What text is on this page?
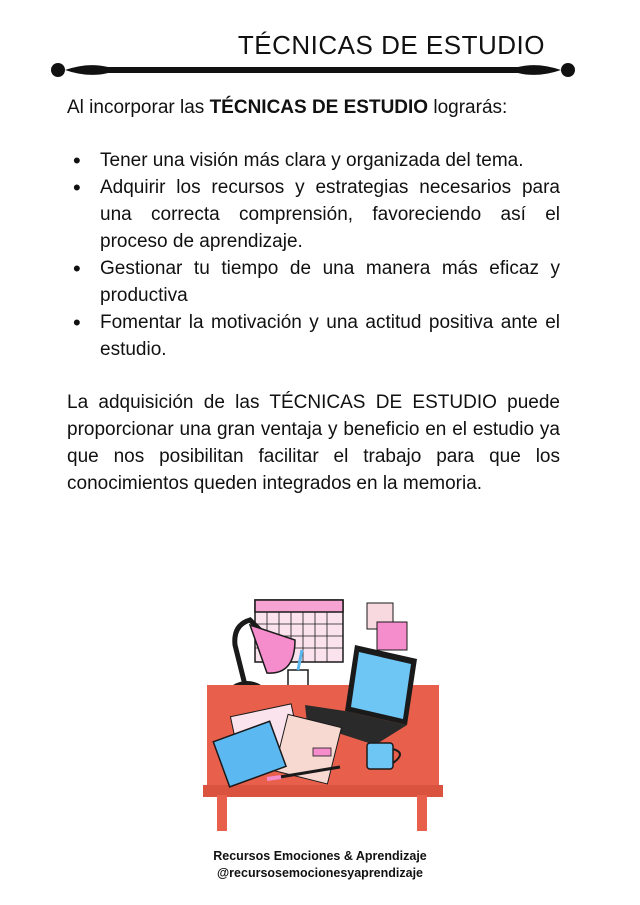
TÉCNICAS DE ESTUDIO

Al incorporar las TÉCNICAS DE ESTUDIO lograrás:

• Tener una visión más clara y organizada del tema.
• Adquirir los recursos y estrategias necesarios para una correcta comprensión, favoreciendo así el proceso de aprendizaje.
• Gestionar tu tiempo de una manera más eficaz y productiva
• Fomentar la motivación y una actitud positiva ante el estudio.

La adquisición de las TÉCNICAS DE ESTUDIO puede proporcionar una gran ventaja y beneficio en el estudio ya que nos posibilitan facilitar el trabajo para que los conocimientos queden integrados en la memoria.

Recursos Emociones & Aprendizaje
@recursosemocionesyaprendizaje
